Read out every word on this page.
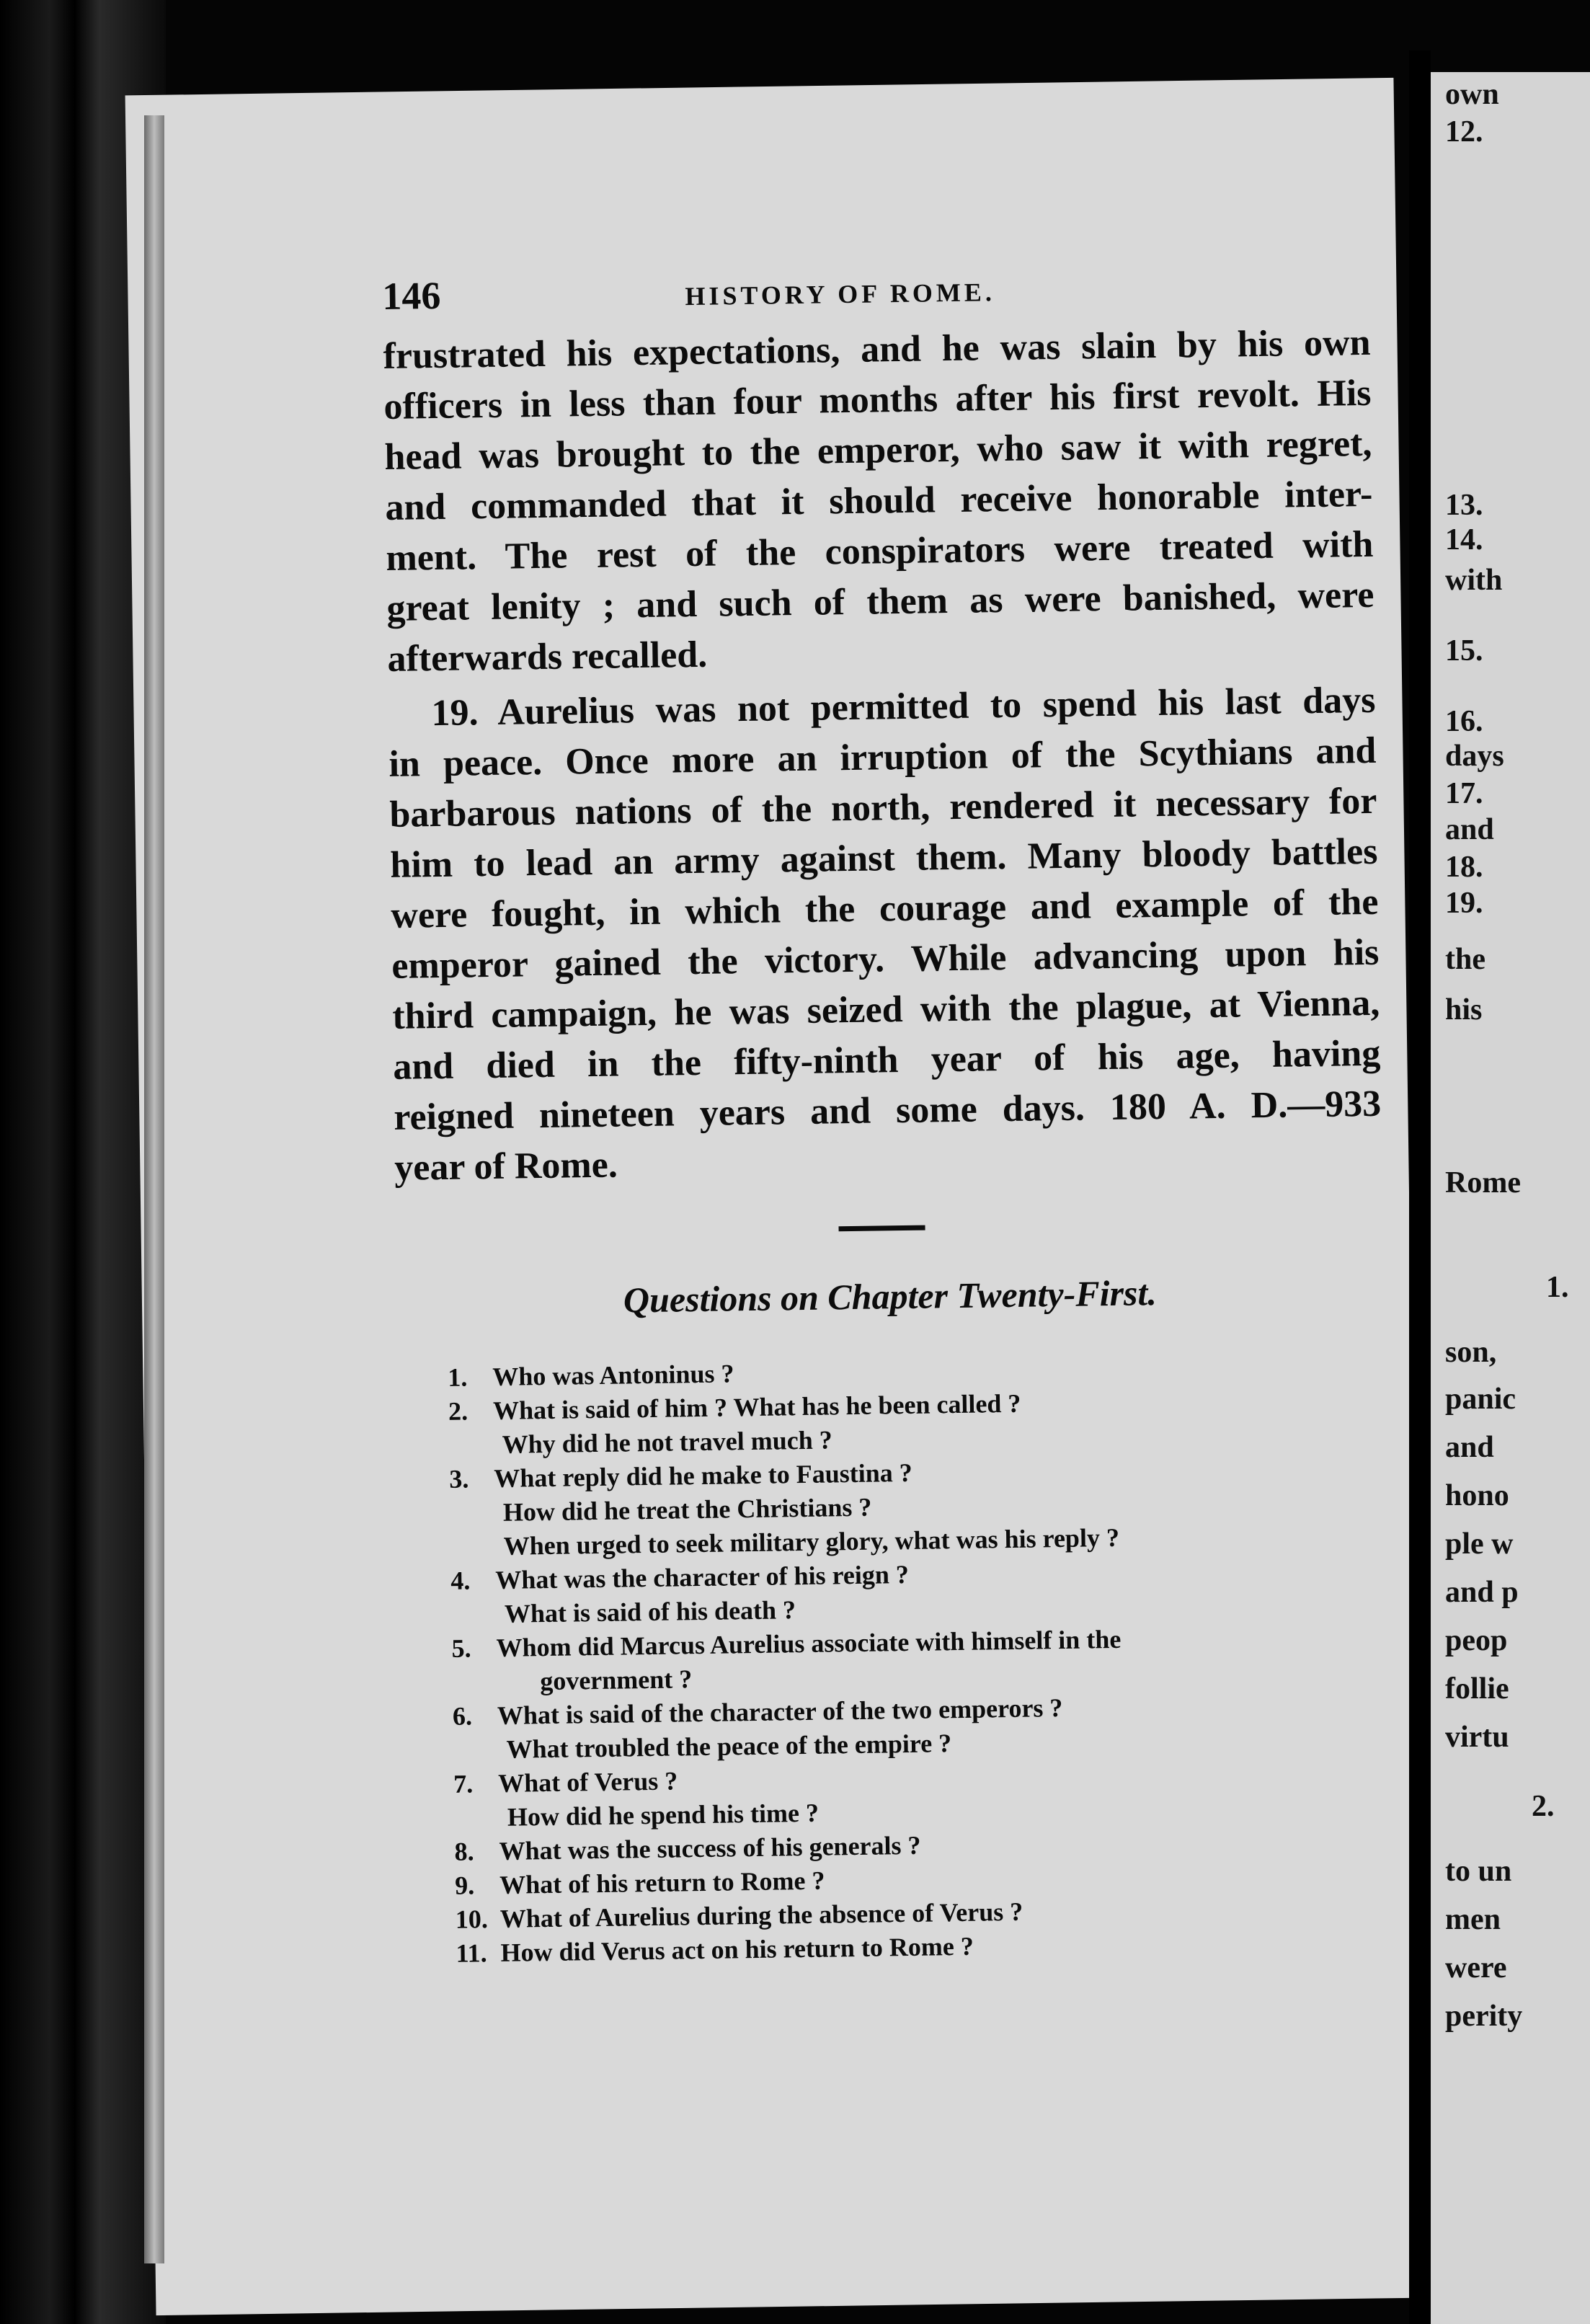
own
12.
13.
14.
with
15.
16.
days
17.
and
18.
19.
the
his
Rome
1.
son,
panic
and
hono
ple w
and p
peop
follie
virtu
2.
to un
men
were
perity
146	HISTORY OF ROME.

frustrated his expectations, and he was slain by his own
officers in less than four months after his first revolt. His
head was brought to the emperor, who saw it with regret,
and commanded that it should receive honorable inter-
ment. The rest of the conspirators were treated with
great lenity ; and such of them as were banished, were
afterwards recalled.

19. Aurelius was not permitted to spend his last days
in peace. Once more an irruption of the Scythians and
barbarous nations of the north, rendered it necessary for
him to lead an army against them. Many bloody battles
were fought, in which the courage and example of the
emperor gained the victory. While advancing upon his
third campaign, he was seized with the plague, at Vienna,
and died in the fifty-ninth year of his age, having
reigned nineteen years and some days. 180 A. D.—933
year of Rome.

Questions on Chapter Twenty-First.
1. Who was Antoninus ?
2. What is said of him ? What has he been called ?
Why did he not travel much ?
3. What reply did he make to Faustina ?
How did he treat the Christians ?
When urged to seek military glory, what was his reply ?
4. What was the character of his reign ?
What is said of his death ?
5. Whom did Marcus Aurelius associate with himself in the
government ?
6. What is said of the character of the two emperors ?
What troubled the peace of the empire ?
7. What of Verus ?
How did he spend his time ?
8. What was the success of his generals ?
9. What of his return to Rome ?
10. What of Aurelius during the absence of Verus ?
11. How did Verus act on his return to Rome ?
